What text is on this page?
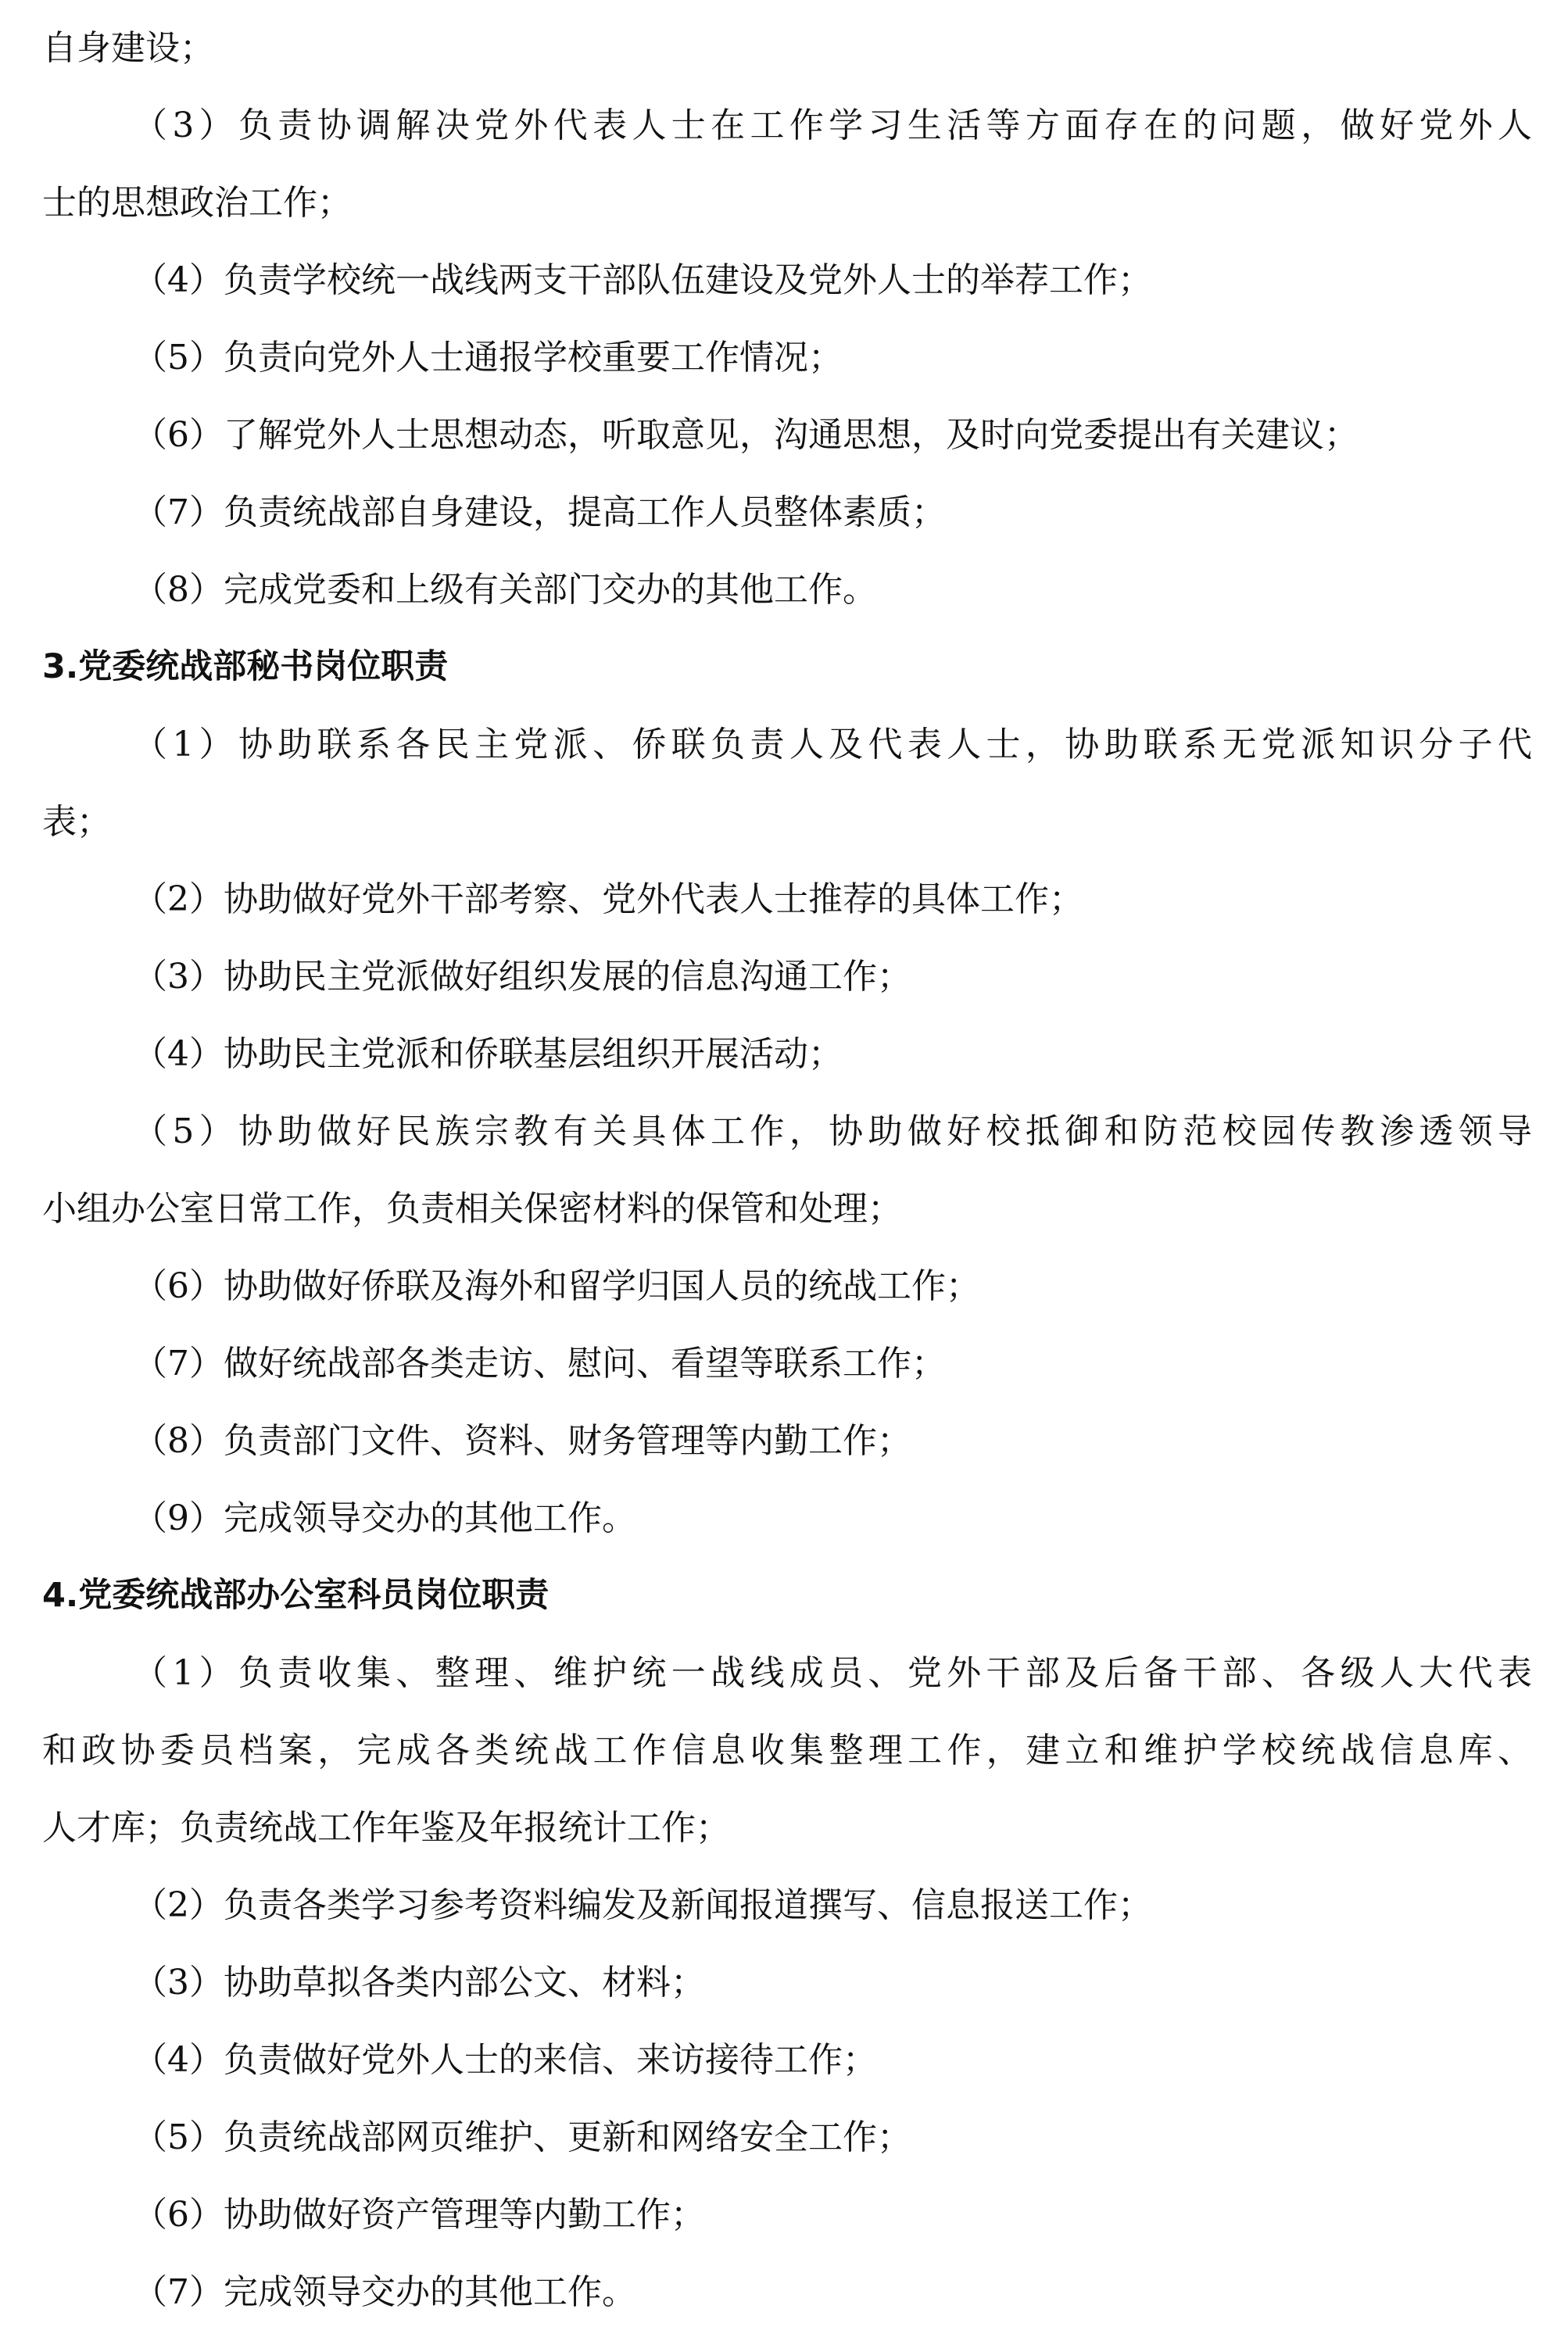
自身建设；
（3）负责协调解决党外代表人士在工作学习生活等方面存在的问题，做好党外人
士的思想政治工作；
（4）负责学校统一战线两支干部队伍建设及党外人士的举荐工作；
（5）负责向党外人士通报学校重要工作情况；
（6）了解党外人士思想动态，听取意见，沟通思想，及时向党委提出有关建议；
（7）负责统战部自身建设，提高工作人员整体素质；
（8）完成党委和上级有关部门交办的其他工作。
3.党委统战部秘书岗位职责
（1）协助联系各民主党派、侨联负责人及代表人士，协助联系无党派知识分子代
表；
（2）协助做好党外干部考察、党外代表人士推荐的具体工作；
（3）协助民主党派做好组织发展的信息沟通工作；
（4）协助民主党派和侨联基层组织开展活动；
（5）协助做好民族宗教有关具体工作，协助做好校抵御和防范校园传教渗透领导
小组办公室日常工作，负责相关保密材料的保管和处理；
（6）协助做好侨联及海外和留学归国人员的统战工作；
（7）做好统战部各类走访、慰问、看望等联系工作；
（8）负责部门文件、资料、财务管理等内勤工作；
（9）完成领导交办的其他工作。
4.党委统战部办公室科员岗位职责
（1）负责收集、整理、维护统一战线成员、党外干部及后备干部、各级人大代表
和政协委员档案，完成各类统战工作信息收集整理工作，建立和维护学校统战信息库、
人才库；负责统战工作年鉴及年报统计工作；
（2）负责各类学习参考资料编发及新闻报道撰写、信息报送工作；
（3）协助草拟各类内部公文、材料；
（4）负责做好党外人士的来信、来访接待工作；
（5）负责统战部网页维护、更新和网络安全工作；
（6）协助做好资产管理等内勤工作；
（7）完成领导交办的其他工作。
